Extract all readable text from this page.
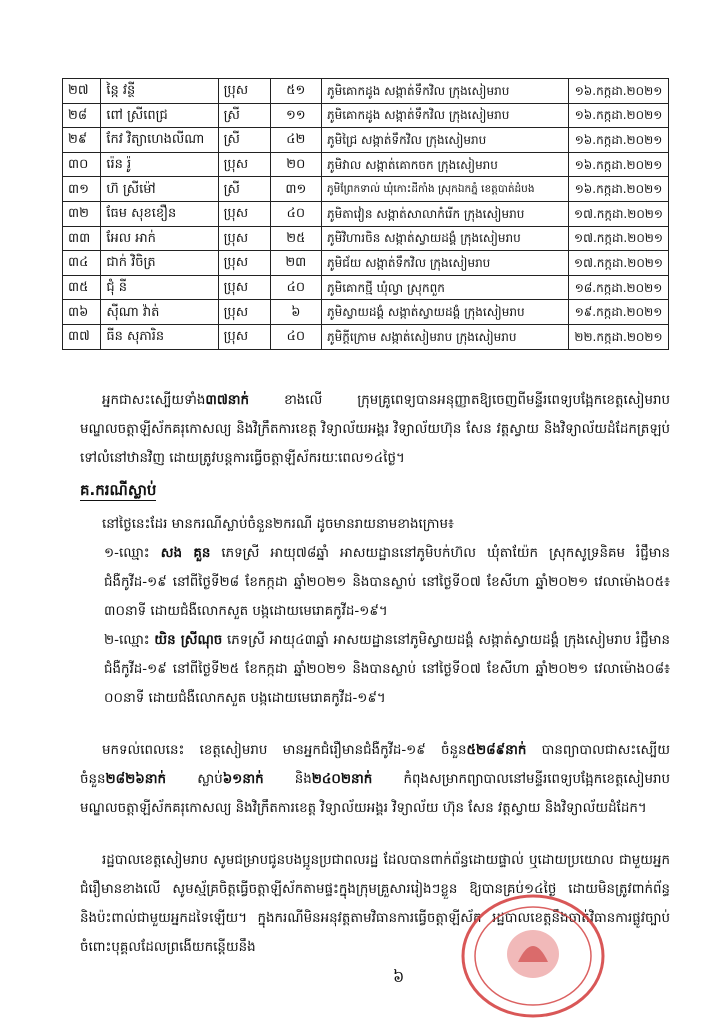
២៧	នៃ្ក វន្ថី	ប្រុស	៥១	ភូមិគោកដូង សង្កាត់ទឹកវិល ក្រុងសៀមរាប	១៦.កក្កដា.២០២១
២៨	ពៅ ស្រីពេជ្រ	ស្រី	១១	ភូមិគោកដូង សង្កាត់ទឹកវិល ក្រុងសៀមរាប	១៦.កក្កដា.២០២១
២៩	កែវ វិត្យាហេងលីណា	ស្រី	៤២	ភូមិជ្រៃ សង្កាត់ទឹកវិល ក្រុងសៀមរាប	១៦.កក្កដា.២០២១
៣០	រ៉េន រ៉ូ	ប្រុស	២០	ភូមិវាល សង្កាត់គោកចក ក្រុងសៀមរាប	១៦.កក្កដា.២០២១
៣១	ហ៊ ស្រីម៉ៅ	ស្រី	៣១	ភូមិព្រែកទាល់ ឃុំកោះដីកាំង ស្រុកឯកភ្នំ ខេត្តបាត់ដំបង	១៦.កក្កដា.២០២១
៣២	ធែម សុខខឿន	ប្រុស	៤០	ភូមិតាវៀន សង្កាត់សាលាកំរើក ក្រុងសៀមរាប	១៧.កក្កដា.២០២១
៣៣	អែល អាក់	ប្រុស	២៥	ភូមិវិហារចិន សង្កាត់ស្វាយដង្គំ ក្រុងសៀមរាប	១៧.កក្កដា.២០២១
៣៤	ជាក់ វិចិត្រ	ប្រុស	២៣	ភូមិជ័យ សង្កាត់ទឹកវិល ក្រុងសៀមរាប	១៧.កក្កដា.២០២១
៣៥	ជុំ នី	ប្រុស	៤០	ភូមិគោកថ្មី ឃុំល្វា ស្រុកពួក	១៨.កក្កដា.២០២១
៣៦	ស៊ីណា វ៉ាត់	ប្រុស	៦	ភូមិស្វាយដង្គំ សង្កាត់ស្វាយដង្គំ ក្រុងសៀមរាប	១៩.កក្កដា.២០២១
៣៧	ធីន សុភារិន	ប្រុស	៤០	ភូមិក្តីក្រោម សង្កាត់សៀមរាប ក្រុងសៀមរាប	២២.កក្កដា.២០២១
អ្នកជាសះស្បើយទាំង៣៧នាក់	ខាងលើ ក្រុមគ្រូពេទ្យបានអនុញ្ញាតឱ្យចេញពីមន្ទីរពេទ្យបង្អែកខេត្តសៀមរាប មណ្ឌលចត្តាឡីស័កគរុកោសល្យ និងវិក្រឹតការខេត្ត វិទ្យាល័យអង្គរ វិទ្យាល័យហ៊ុន សែន វត្តស្វាយ និងវិទ្យាល័យដំដែកត្រឡប់ទៅលំនៅឋានវិញ ដោយត្រូវបន្តការធ្វើចត្តាឡីស័ករយៈពេល១៤ថ្ងៃ។
គ.ករណីស្លាប់
នៅថ្ងៃនេះដែរ មានករណីស្លាប់ចំនួន២ករណី ដូចមានរាយនាមខាងក្រោម៖
១-ឈ្មោះ សង គួន ភេទស្រី អាយុ៧៨ឆ្នាំ អាសយដ្ឋាននៅភូមិបក់ហ៊ល ឃុំតាយ៉ែក ស្រុកសូទ្រនិគម រំជ្ជឹមានជំងឺកូវីដ-១៩ នៅពីថ្ងៃទី២៨ ខែកក្កដា ឆ្នាំ២០២១ និងបានស្លាប់ នៅថ្ងៃទី០៧ ខែសីហា ឆ្នាំ២០២១ វេលាម៉ោង០៥៖៣០នាទី ដោយជំងឺលោកសួត បង្កដោយមេរោគកូវីដ-១៩។
២-ឈ្មោះ យិន ស្រីណុច ភេទស្រី អាយុ៤៣ឆ្នាំ អាសយដ្ឋាននៅភូមិស្វាយដង្គំ សង្កាត់ស្វាយដង្គំ ក្រុងសៀមរាប រំជ្ជឹមានជំងឺកូវីដ-១៩ នៅពីថ្ងៃទី២៥ ខែកក្កដា ឆ្នាំ២០២១ និងបានស្លាប់ នៅថ្ងៃទី០៧ ខែសីហា ឆ្នាំ២០២១ វេលាម៉ោង០៨៖០០នាទី ដោយជំងឺលោកសួត បង្កដោយមេរោគកូវីដ-១៩។
មកទល់ពេលនេះ ខេត្តសៀមរាប មានអ្នកជំរឿមានជំងឺកូវីដ-១៩ ចំនួន៥២៨៩នាក់ បានព្យាបាលជាសះស្បើយចំនួន២៨២៦នាក់ ស្លាប់៦១នាក់ និង២៤០២នាក់ កំពុងសម្រាកព្យាបាលនៅមន្ទីរពេទ្យបង្អែកខេត្តសៀមរាប មណ្ឌលចត្តាឡីស័កគរុកោសល្យ និងវិក្រឹតការខេត្ត វិទ្យាល័យអង្គរ វិទ្យាល័យ ហ៊ុន សែន វត្តស្វាយ និងវិទ្យាល័យដំដែក។
រដ្ឋបាលខេត្តសៀមរាប សូមជម្រាបជូនបងប្អូនប្រជាពលរដ្ឋ ដែលបានពាក់ព័ន្ធដោយផ្ទាល់ ឬដោយប្រយោល ជាមួយអ្នកជំរឿមានខាងលើ សូមស្ម័គ្រចិត្តធ្វើចត្តាឡីស័កតាមផ្ទះក្នុងក្រុមគ្រួសាររៀងៗខ្លួន ឱ្យបានគ្រប់១៤ថ្ងៃ ដោយមិនត្រូវពាក់ព័ន្ធ និងប៉ះពាល់ជាមួយអ្នកដទៃឡើយ។ ក្នុងករណីមិនអនុវត្តតាមវិធានការធ្វើចត្តាឡីស័ក រដ្ឋបាលខេត្តនឹងចាត់វិធានការផ្លូវច្បាប់ចំពោះបុគ្គលដែលព្រងើយកន្តើយនឹង
៦
